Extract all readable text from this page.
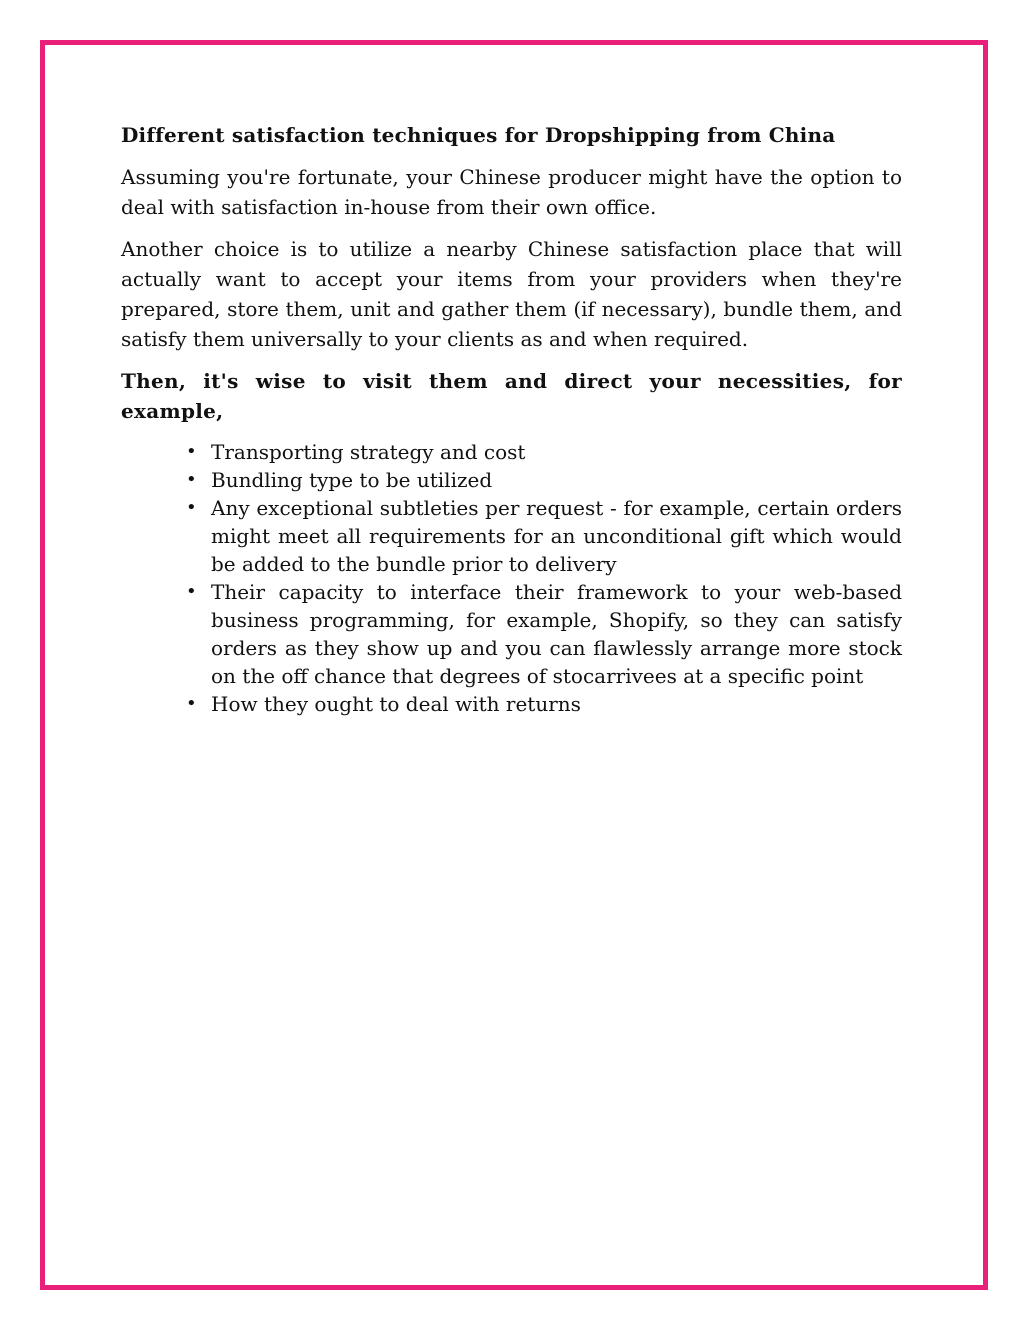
Different satisfaction techniques for Dropshipping from China

Assuming you're fortunate, your Chinese producer might have the option to deal with satisfaction in-house from their own office.

Another choice is to utilize a nearby Chinese satisfaction place that will actually want to accept your items from your providers when they're prepared, store them, unit and gather them (if necessary), bundle them, and satisfy them universally to your clients as and when required.

Then, it's wise to visit them and direct your necessities, for example,

• Transporting strategy and cost
• Bundling type to be utilized
• Any exceptional subtleties per request - for example, certain orders might meet all requirements for an unconditional gift which would be added to the bundle prior to delivery
• Their capacity to interface their framework to your web-based business programming, for example, Shopify, so they can satisfy orders as they show up and you can flawlessly arrange more stock on the off chance that degrees of stocarrivees at a specific point
• How they ought to deal with returns
